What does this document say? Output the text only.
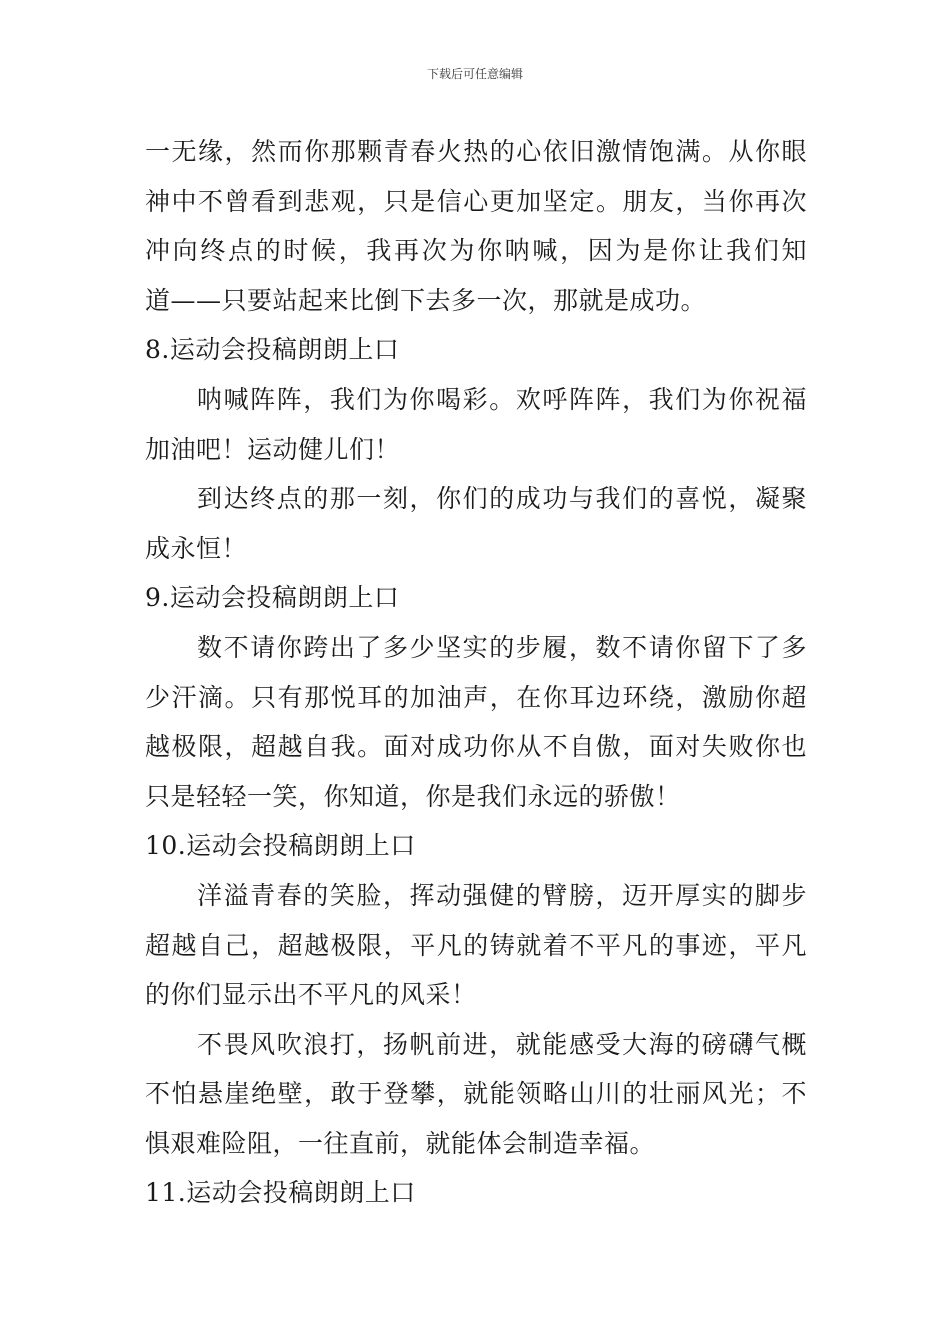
下载后可任意编辑
一无缘，然而你那颗青春火热的心依旧激情饱满。从你眼
神中不曾看到悲观，只是信心更加坚定。朋友，当你再次
冲向终点的时候，我再次为你呐喊，因为是你让我们知
道——只要站起来比倒下去多一次，那就是成功。
8.运动会投稿朗朗上口
呐喊阵阵，我们为你喝彩。欢呼阵阵，我们为你祝福
加油吧！运动健儿们！
到达终点的那一刻，你们的成功与我们的喜悦，凝聚
成永恒！
9.运动会投稿朗朗上口
数不请你跨出了多少坚实的步履，数不请你留下了多
少汗滴。只有那悦耳的加油声，在你耳边环绕，激励你超
越极限，超越自我。面对成功你从不自傲，面对失败你也
只是轻轻一笑，你知道，你是我们永远的骄傲！
10.运动会投稿朗朗上口
洋溢青春的笑脸，挥动强健的臂膀，迈开厚实的脚步
超越自己，超越极限，平凡的铸就着不平凡的事迹，平凡
的你们显示出不平凡的风采！
不畏风吹浪打，扬帆前进，就能感受大海的磅礴气概
不怕悬崖绝壁，敢于登攀，就能领略山川的壮丽风光；不
惧艰难险阻，一往直前，就能体会制造幸福。
11.运动会投稿朗朗上口
